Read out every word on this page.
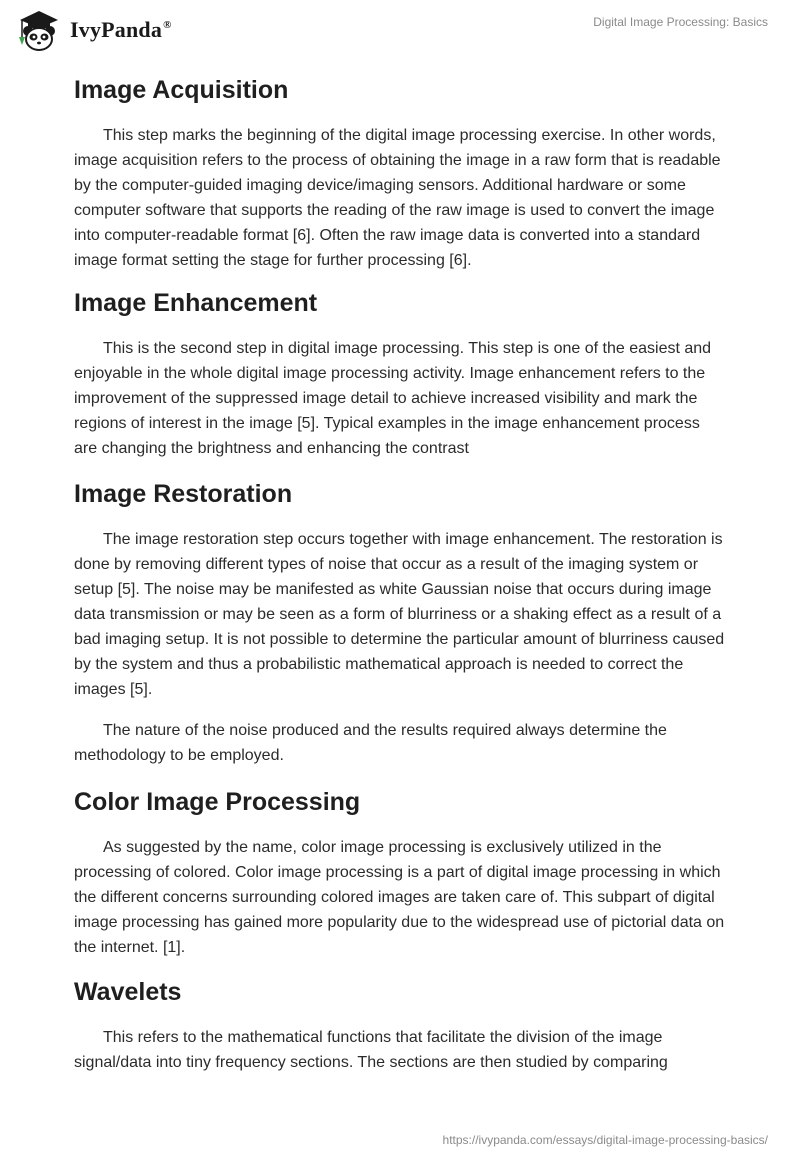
IvyPanda®	Digital Image Processing: Basics
Image Acquisition

This step marks the beginning of the digital image processing exercise. In other words, image acquisition refers to the process of obtaining the image in a raw form that is readable by the computer-guided imaging device/imaging sensors. Additional hardware or some computer software that supports the reading of the raw image is used to convert the image into computer-readable format [6]. Often the raw image data is converted into a standard image format setting the stage for further processing [6].

Image Enhancement

This is the second step in digital image processing. This step is one of the easiest and enjoyable in the whole digital image processing activity. Image enhancement refers to the improvement of the suppressed image detail to achieve increased visibility and mark the regions of interest in the image [5]. Typical examples in the image enhancement process are changing the brightness and enhancing the contrast

Image Restoration

The image restoration step occurs together with image enhancement. The restoration is done by removing different types of noise that occur as a result of the imaging system or setup [5]. The noise may be manifested as white Gaussian noise that occurs during image data transmission or may be seen as a form of blurriness or a shaking effect as a result of a bad imaging setup. It is not possible to determine the particular amount of blurriness caused by the system and thus a probabilistic mathematical approach is needed to correct the images [5].

The nature of the noise produced and the results required always determine the methodology to be employed.

Color Image Processing

As suggested by the name, color image processing is exclusively utilized in the processing of colored. Color image processing is a part of digital image processing in which the different concerns surrounding colored images are taken care of. This subpart of digital image processing has gained more popularity due to the widespread use of pictorial data on the internet. [1].

Wavelets

This refers to the mathematical functions that facilitate the division of the image signal/data into tiny frequency sections. The sections are then studied by comparing

https://ivypanda.com/essays/digital-image-processing-basics/
